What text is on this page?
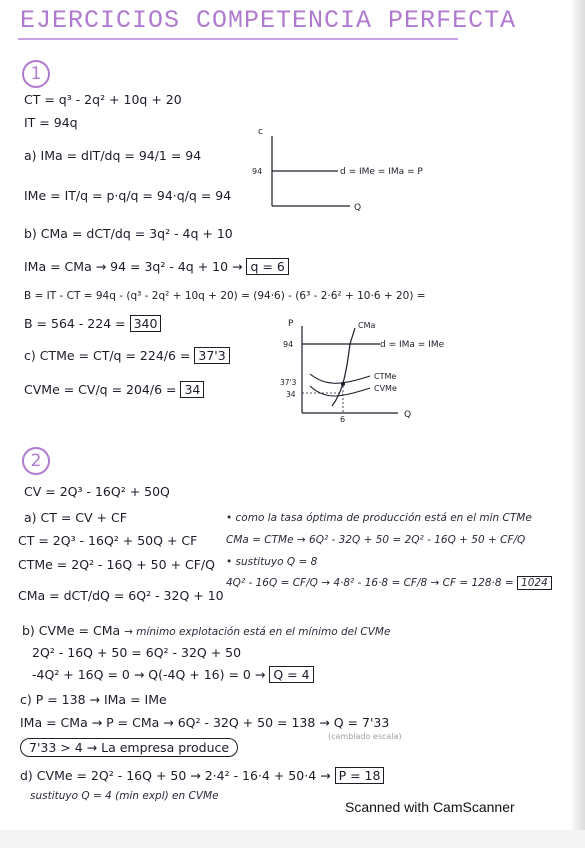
EJERCICIOS COMPETENCIA PERFECTA
1
CT = q³ - 2q² + 10q + 20
IT = 94q
a) IMa = dIT/dq = 94/1 = 94
IMe = IT/q = p·q/q = 94·q/q = 94
b) CMa = dCT/dq = 3q² - 4q + 10
IMa = CMa → 94 = 3q² - 4q + 10 → q = 6
B = IT - CT = 94q - (q³ - 2q² + 10q + 20) = (94·6) - (6³ - 2·6² + 10·6 + 20) =
B = 564 - 224 = 340
c) CTMe = CT/q = 224/6 = 37'3
CVMe = CV/q = 204/6 = 34
c
Q
94	d = IMe = IMa = P
P
Q
CMa
94
37'3
34
6
d = IMa = IMe
CTMe
CVMe
2
CV = 2Q³ - 16Q² + 50Q
a) CT = CV + CF
CT = 2Q³ - 16Q² + 50Q + CF
CTMe = 2Q² - 16Q + 50 + CF/Q
CMa = dCT/dQ = 6Q² - 32Q + 10
• como la tasa óptima de producción está en el min CTMe
CMa = CTMe → 6Q² - 32Q + 50 = 2Q² - 16Q + 50 + CF/Q
• sustituyo Q = 8
4Q² - 16Q = CF/Q → 4·8² - 16·8 = CF/8 → CF = 128·8 = 1024
b) CVMe = CMa → mínimo explotación está en el mínimo del CVMe
2Q² - 16Q + 50 = 6Q² - 32Q + 50
-4Q² + 16Q = 0 → Q(-4Q + 16) = 0 → Q = 4
c) P = 138 → IMa = IMe
IMa = CMa → P = CMa → 6Q² - 32Q + 50 = 138 → Q = 7'33
(cambiado escala)
7'33 > 4 → La empresa produce
d) CVMe = 2Q² - 16Q + 50 → 2·4² - 16·4 + 50·4 → P = 18
sustituyo Q = 4 (min expl) en CVMe
Scanned with CamScanner
